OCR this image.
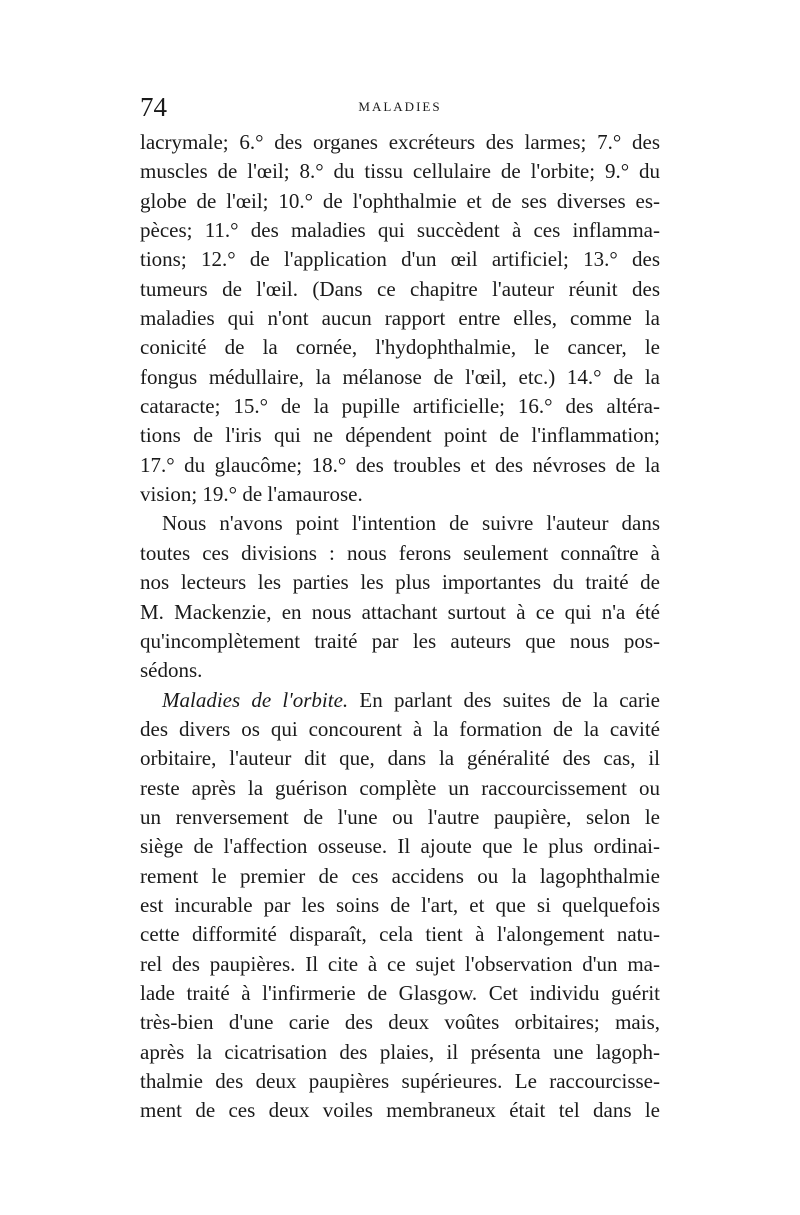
74	MALADIES
lacrymale; 6.° des organes excréteurs des larmes; 7.° des
muscles de l'œil; 8.° du tissu cellulaire de l'orbite; 9.° du
globe de l'œil; 10.° de l'ophthalmie et de ses diverses es-
pèces; 11.° des maladies qui succèdent à ces inflamma-
tions; 12.° de l'application d'un œil artificiel; 13.° des
tumeurs de l'œil. (Dans ce chapitre l'auteur réunit des
maladies qui n'ont aucun rapport entre elles, comme la
conicité de la cornée, l'hydophthalmie, le cancer, le
fongus médullaire, la mélanose de l'œil, etc.) 14.° de la
cataracte; 15.° de la pupille artificielle; 16.° des altéra-
tions de l'iris qui ne dépendent point de l'inflammation;
17.° du glaucôme; 18.° des troubles et des névroses de la
vision; 19.° de l'amaurose.
Nous n'avons point l'intention de suivre l'auteur dans
toutes ces divisions : nous ferons seulement connaître à
nos lecteurs les parties les plus importantes du traité de
M. Mackenzie, en nous attachant surtout à ce qui n'a été
qu'incomplètement traité par les auteurs que nous pos-
sédons.
Maladies de l'orbite. En parlant des suites de la carie
des divers os qui concourent à la formation de la cavité
orbitaire, l'auteur dit que, dans la généralité des cas, il
reste après la guérison complète un raccourcissement ou
un renversement de l'une ou l'autre paupière, selon le
siège de l'affection osseuse. Il ajoute que le plus ordinai-
rement le premier de ces accidens ou la lagophthalmie
est incurable par les soins de l'art, et que si quelquefois
cette difformité disparaît, cela tient à l'alongement natu-
rel des paupières. Il cite à ce sujet l'observation d'un ma-
lade traité à l'infirmerie de Glasgow. Cet individu guérit
très-bien d'une carie des deux voûtes orbitaires; mais,
après la cicatrisation des plaies, il présenta une lagoph-
thalmie des deux paupières supérieures. Le raccourcisse-
ment de ces deux voiles membraneux était tel dans le
